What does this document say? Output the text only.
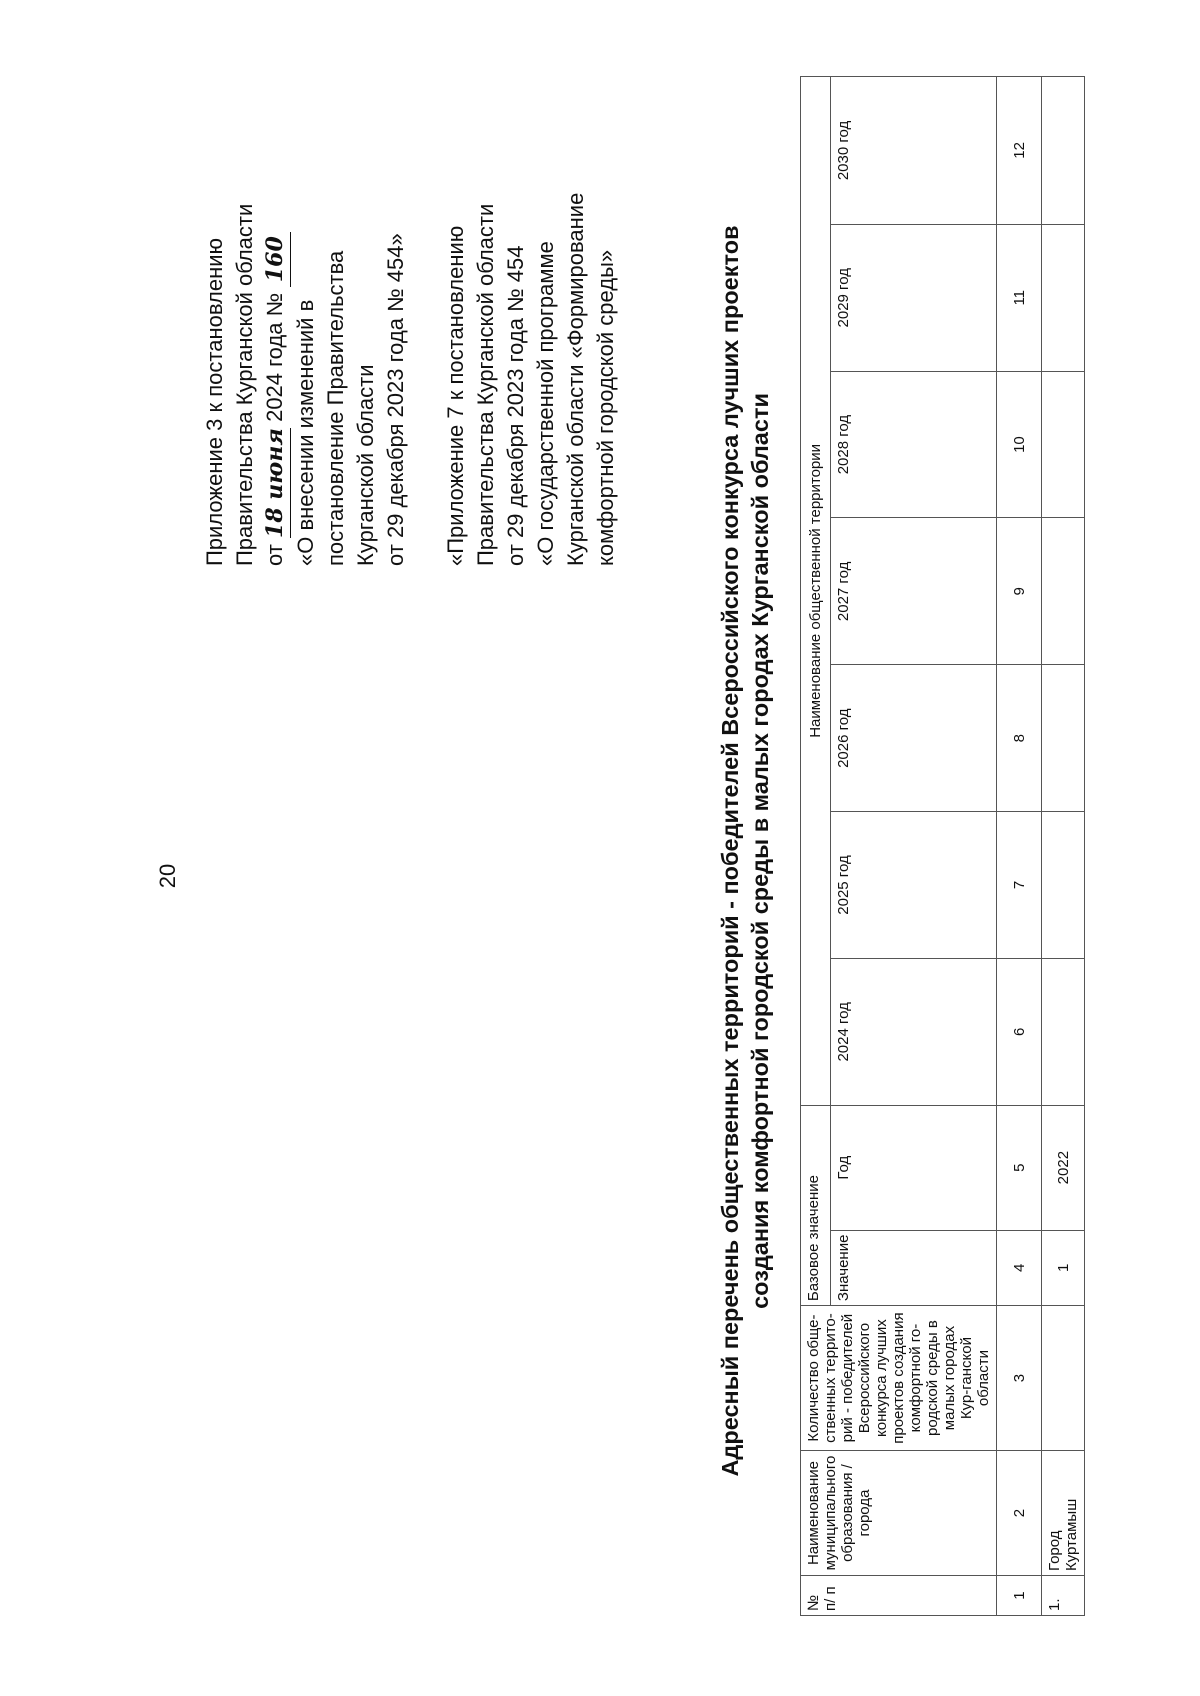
20

Приложение 3 к постановлению Правительства Курганской области от 18 июня 2024 года № 160

«О внесении изменений в постановление Правительства Курганской области от 29 декабря 2023 года № 454» «Приложение 7 к постановлению Правительства Курганской области от 29 декабря 2023 года № 454 «О государственной программе Курганской области «Формирование комфортной городской среды»	Адресный перечень общественных территорий - победителей Всероссийского конкурса лучших проектов создания комфортной городской среды в малых городах Курганской области

№ п/ п	Наименование муниципального образования / города	Количество обще-ственных террито-рий - победителей Всероссийского конкурса лучших проектов создания комфортной го-родской среды в малых городах Кур-ганской области	Базовое значение		Наименование общественной территории						
			Значение	Год	2024 год	2025 год	2026 год	2027 год	2028 год	2029 год	2030 год
1	2	3	4	5	6	7	8	9	10	11	12
1.	Город Куртамыш		1	2022							
